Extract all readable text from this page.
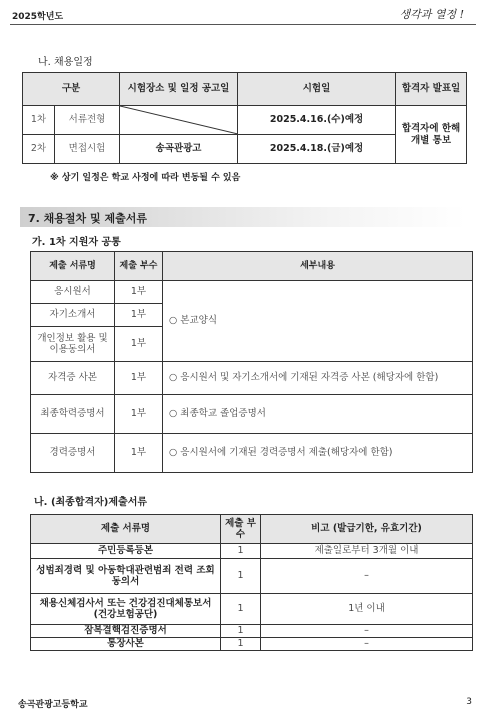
2025학년도	생각과 열정 !
나. 채용일정
구분		시험장소 및 일정 공고일	시험일	합격자 발표일
1차	서류전형		2025.4.16.(수)예정	합격자에 한해 개별 통보
2차	면접시험	송곡관광고	2025.4.18.(금)예정	
※ 상기 일정은 학교 사정에 따라 변동될 수 있음
7. 채용절차 및 제출서류
가. 1차 지원자 공통
제출 서류명	제출 부수	세부내용
응시원서	1부	○ 본교양식
자기소개서	1부	
개인정보 활용 및 이용동의서	1부	
자격증 사본	1부	○ 응시원서 및 자기소개서에 기재된 자격증 사본 (해당자에 한함)
최종학력증명서	1부	○ 최종학교 졸업증명서
경력증명서	1부	○ 응시원서에 기재된 경력증명서 제출(해당자에 한함)
나. (최종합격자)제출서류
제출 서류명	제출 부수	비고 (발급기한, 유효기간)
주민등록등본	1	제출일로부터 3개월 이내
성범죄경력 및 아동학대관련범죄 전력 조회 동의서	1	–
채용신체검사서 또는 건강검진대체통보서(건강보험공단)	1	1년 이내
잠복결핵검진증명서	1	–
통장사본	1	–
송곡관광고등학교	3
